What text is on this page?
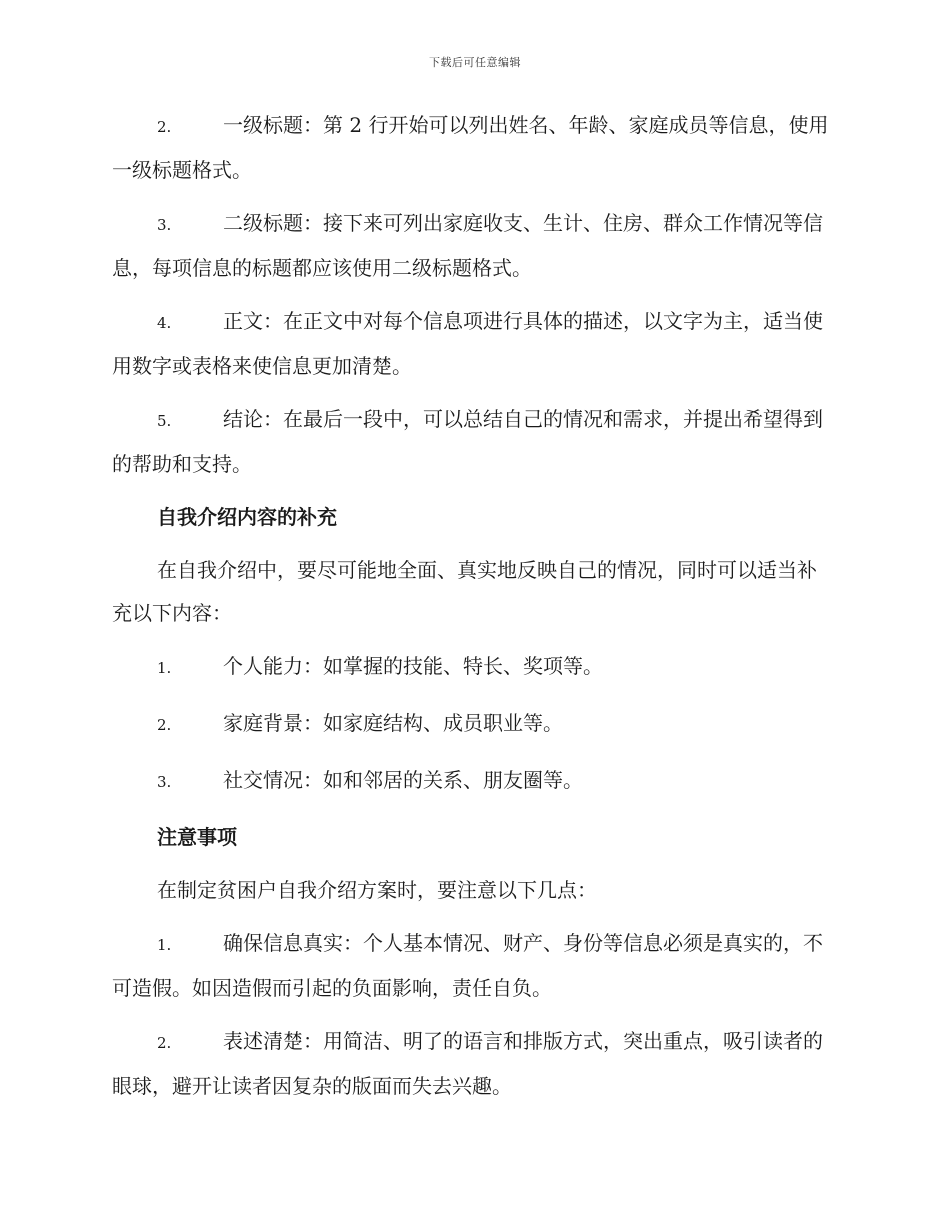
下载后可任意编辑

2.	一级标题：第 2 行开始可以列出姓名、年龄、家庭成员等信息，使用一级标题格式。

3.	二级标题：接下来可列出家庭收支、生计、住房、群众工作情况等信息，每项信息的标题都应该使用二级标题格式。

4.	正文：在正文中对每个信息项进行具体的描述，以文字为主，适当使用数字或表格来使信息更加清楚。

5.	结论：在最后一段中，可以总结自己的情况和需求，并提出希望得到的帮助和支持。

自我介绍内容的补充

在自我介绍中，要尽可能地全面、真实地反映自己的情况，同时可以适当补充以下内容：

1.	个人能力：如掌握的技能、特长、奖项等。

2.	家庭背景：如家庭结构、成员职业等。

3.	社交情况：如和邻居的关系、朋友圈等。

注意事项

在制定贫困户自我介绍方案时，要注意以下几点：

1.	确保信息真实：个人基本情况、财产、身份等信息必须是真实的，不可造假。如因造假而引起的负面影响，责任自负。

2.	表述清楚：用简洁、明了的语言和排版方式，突出重点，吸引读者的眼球，避开让读者因复杂的版面而失去兴趣。
